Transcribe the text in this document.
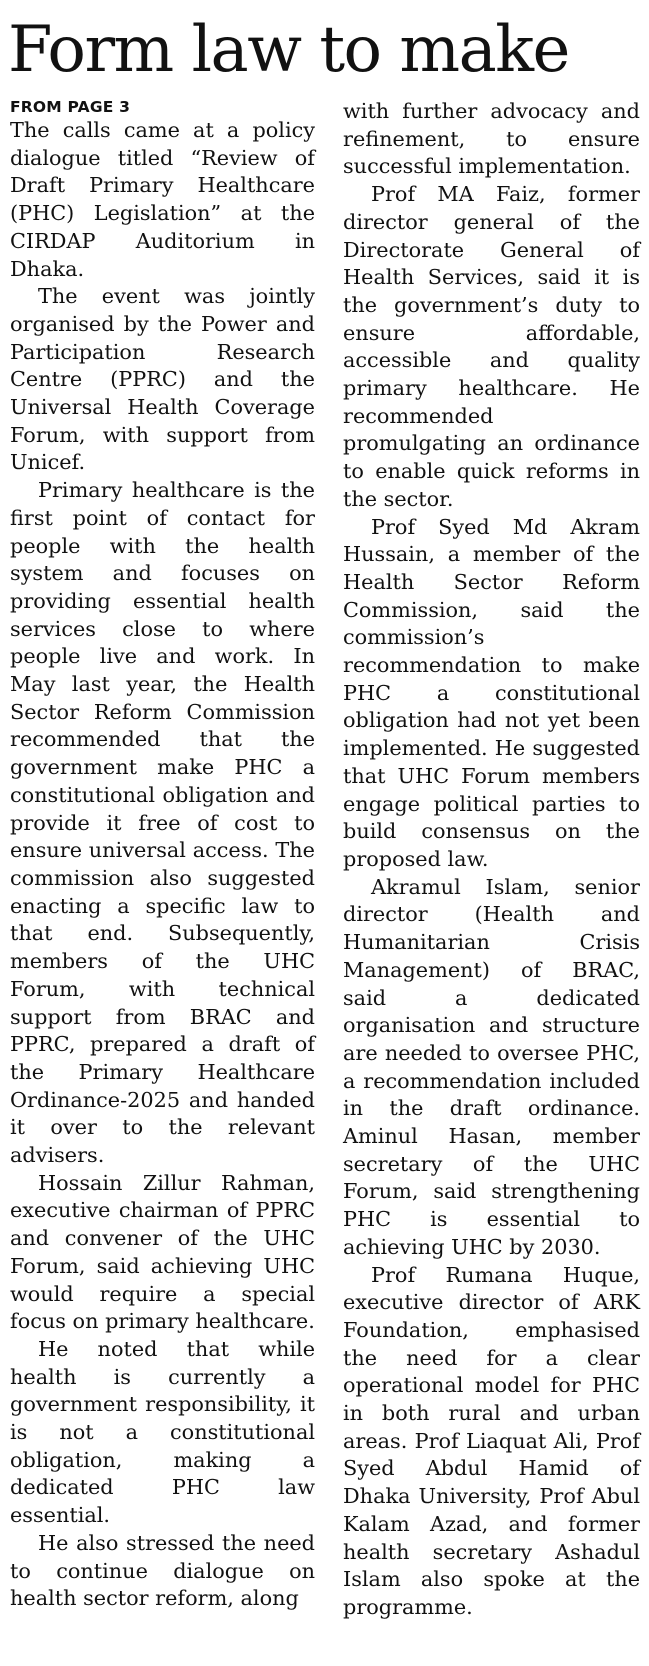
Form law to make
FROM PAGE 3

The calls came at a policy dialogue titled “Review of Draft Primary Healthcare (PHC) Legislation” at the CIRDAP Auditorium in Dhaka.

The event was jointly organised by the Power and Participation Research Centre (PPRC) and the Universal Health Coverage Forum, with support from Unicef.

Primary healthcare is the first point of contact for people with the health system and focuses on providing essential health services close to where people live and work. In May last year, the Health Sector Reform Commission recommended that the government make PHC a constitutional obligation and provide it free of cost to ensure universal access. The commission also suggested enacting a specific law to that end. Subsequently, members of the UHC Forum, with technical support from BRAC and PPRC, prepared a draft of the Primary Healthcare Ordinance-2025 and handed it over to the relevant advisers.

Hossain Zillur Rahman, executive chairman of PPRC and convener of the UHC Forum, said achieving UHC would require a special focus on primary healthcare.

He noted that while health is currently a government responsibility, it is not a constitutional obligation, making a dedicated PHC law essential.

He also stressed the need to continue dialogue on health sector reform, along

with further advocacy and refinement, to ensure successful implementation.

Prof MA Faiz, former director general of the Directorate General of Health Services, said it is the government’s duty to ensure affordable, accessible and quality primary healthcare. He recommended promulgating an ordinance to enable quick reforms in the sector.

Prof Syed Md Akram Hussain, a member of the Health Sector Reform Commission, said the commission’s recommendation to make PHC a constitutional obligation had not yet been implemented. He suggested that UHC Forum members engage political parties to build consensus on the proposed law.

Akramul Islam, senior director (Health and Humanitarian Crisis Management) of BRAC, said a dedicated organisation and structure are needed to oversee PHC, a recommendation included in the draft ordinance. Aminul Hasan, member secretary of the UHC Forum, said strengthening PHC is essential to achieving UHC by 2030.

Prof Rumana Huque, executive director of ARK Foundation, emphasised the need for a clear operational model for PHC in both rural and urban areas. Prof Liaquat Ali, Prof Syed Abdul Hamid of Dhaka University, Prof Abul Kalam Azad, and former health secretary Ashadul Islam also spoke at the programme.
